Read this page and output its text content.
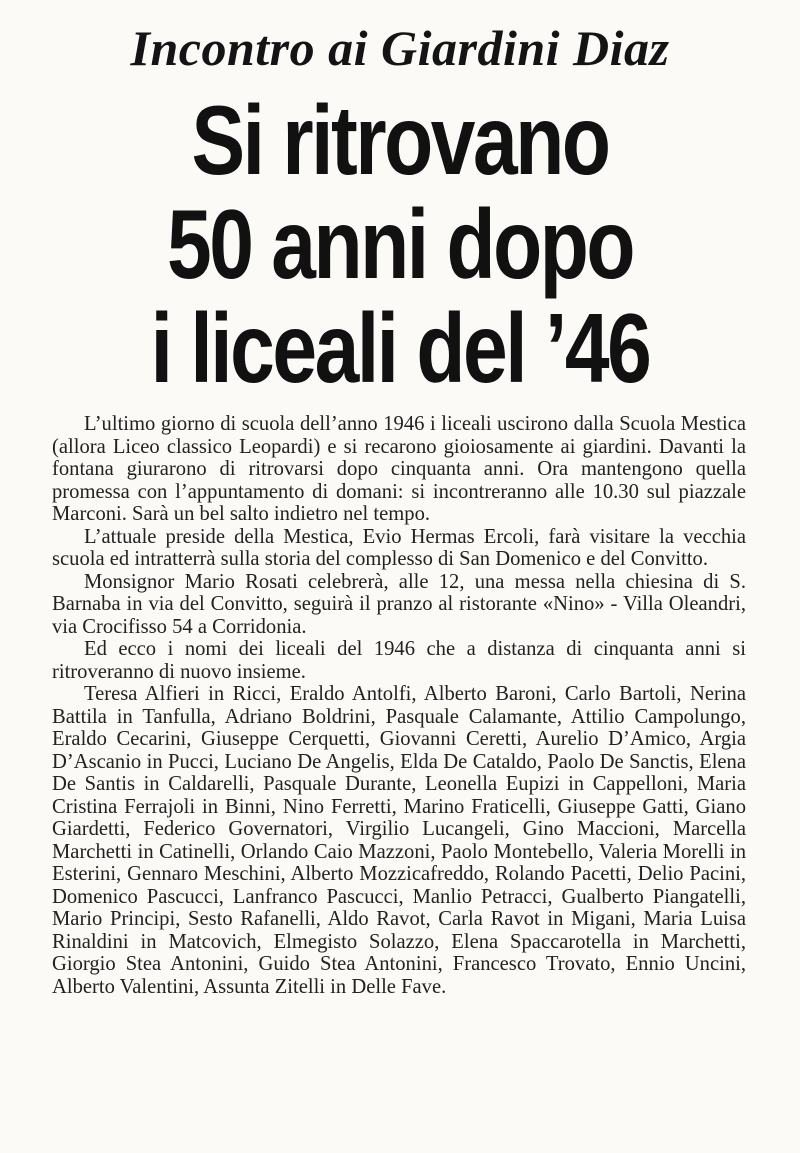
Incontro ai Giardini Diaz
Si ritrovano
50 anni dopo
i liceali del ’46

L’ultimo giorno di scuola dell’anno 1946 i liceali uscirono dalla Scuola Mestica (allora Liceo classico Leopardi) e si recarono gioiosamente ai giardini. Davanti la fontana giurarono di ritrovarsi dopo cinquanta anni. Ora mantengono quella promessa con l’appuntamento di domani: si incontreranno alle 10.30 sul piazzale Marconi. Sarà un bel salto indietro nel tempo.

L’attuale preside della Mestica, Evio Hermas Ercoli, farà visitare la vecchia scuola ed intratterrà sulla storia del complesso di San Domenico e del Convitto.

Monsignor Mario Rosati celebrerà, alle 12, una messa nella chiesina di S. Barnaba in via del Convitto, seguirà il pranzo al ristorante «Nino» - Villa Oleandri, via Crocifisso 54 a Corridonia.

Ed ecco i nomi dei liceali del 1946 che a distanza di cinquanta anni si ritroveranno di nuovo insieme.

Teresa Alfieri in Ricci, Eraldo Antolfi, Alberto Baroni, Carlo Bartoli, Nerina Battila in Tanfulla, Adriano Boldrini, Pasquale Calamante, Attilio Campolungo, Eraldo Cecarini, Giuseppe Cerquetti, Giovanni Ceretti, Aurelio D’Amico, Argia D’Ascanio in Pucci, Luciano De Angelis, Elda De Cataldo, Paolo De Sanctis, Elena De Santis in Caldarelli, Pasquale Durante, Leonella Eupizi in Cappelloni, Maria Cristina Ferrajoli in Binni, Nino Ferretti, Marino Fraticelli, Giuseppe Gatti, Giano Giardetti, Federico Governatori, Virgilio Lucangeli, Gino Maccioni, Marcella Marchetti in Catinelli, Orlando Caio Mazzoni, Paolo Montebello, Valeria Morelli in Esterini, Gennaro Meschini, Alberto Mozzicafreddo, Rolando Pacetti, Delio Pacini, Domenico Pascucci, Lanfranco Pascucci, Manlio Petracci, Gualberto Piangatelli, Mario Principi, Sesto Rafanelli, Aldo Ravot, Carla Ravot in Migani, Maria Luisa Rinaldini in Matcovich, Elmegisto Solazzo, Elena Spaccarotella in Marchetti, Giorgio Stea Antonini, Guido Stea Antonini, Francesco Trovato, Ennio Uncini, Alberto Valentini, Assunta Zitelli in Delle Fave.
